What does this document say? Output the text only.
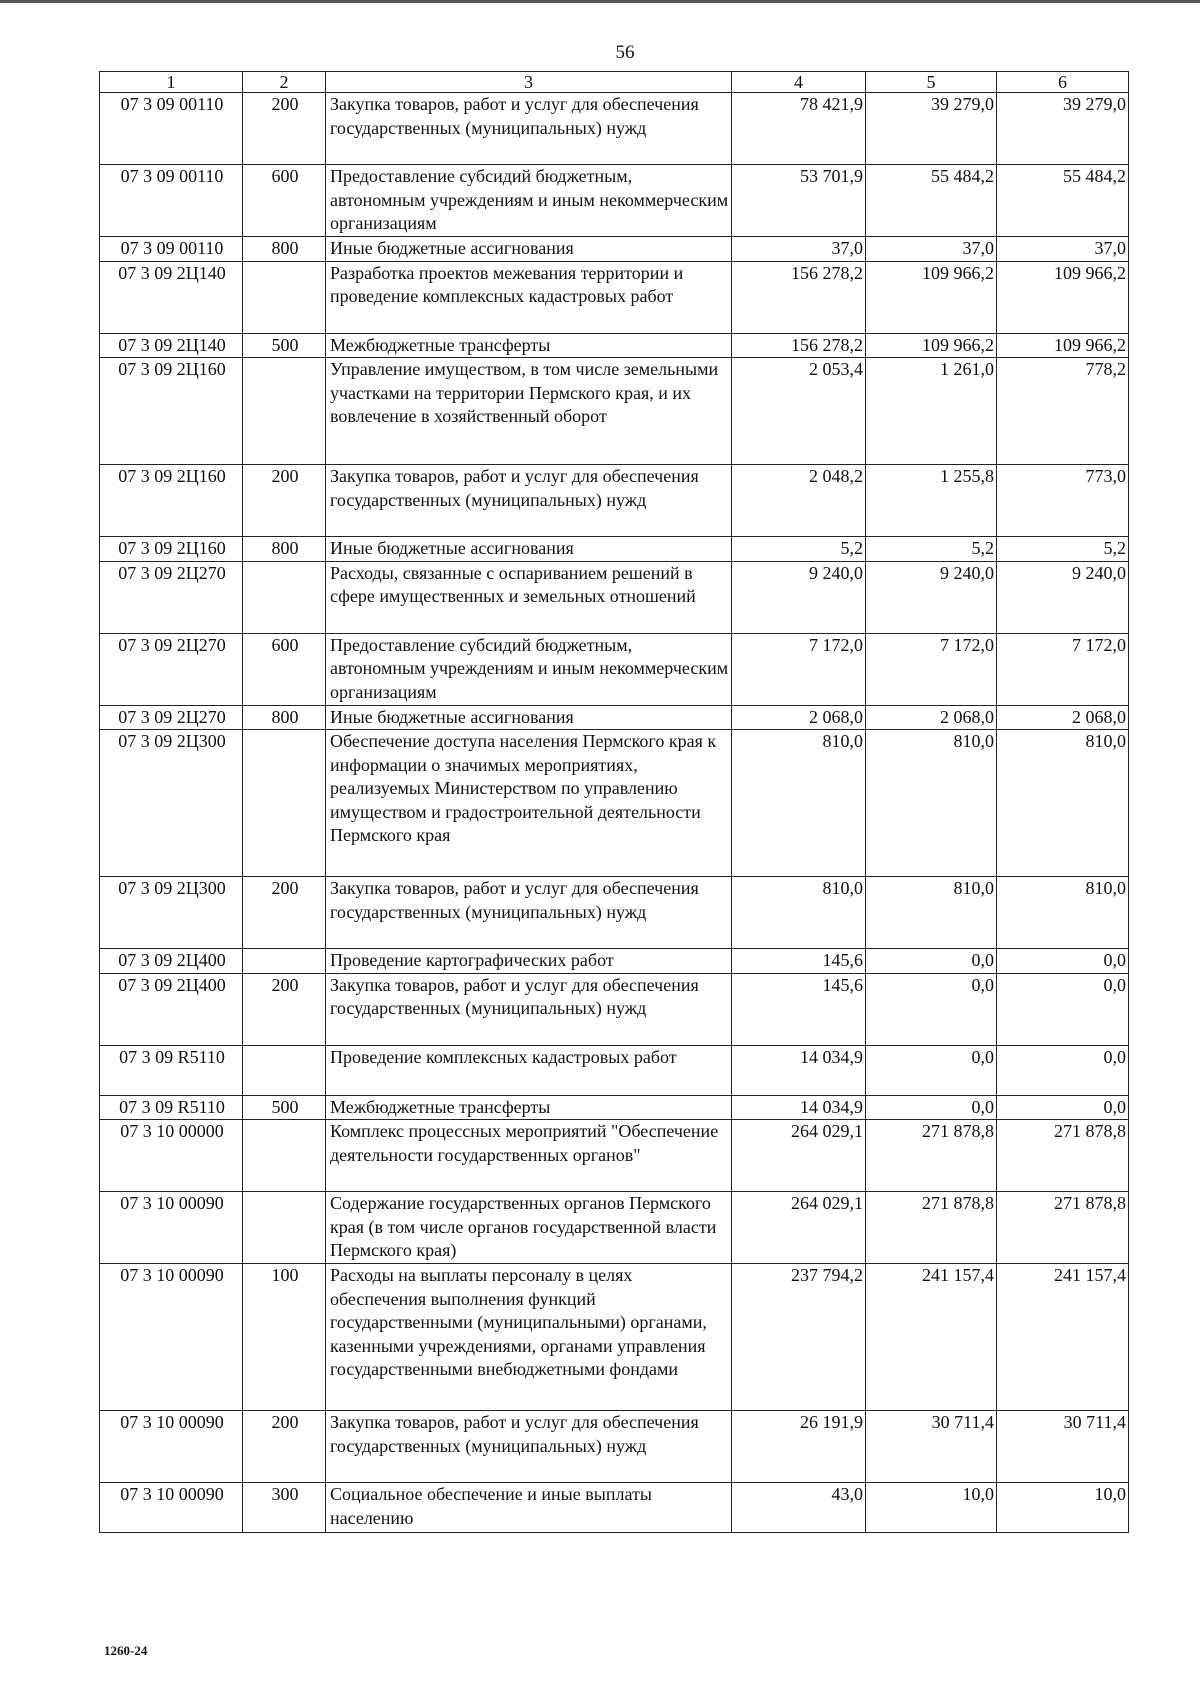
56
1	2	3	4	5	6
07 3 09 00110	200	Закупка товаров, работ и услуг для обеспечения государственных (муниципальных) нужд	78 421,9	39 279,0	39 279,0
07 3 09 00110	600	Предоставление субсидий бюджетным, автономным учреждениям и иным некоммерческим организациям	53 701,9	55 484,2	55 484,2
07 3 09 00110	800	Иные бюджетные ассигнования	37,0	37,0	37,0
07 3 09 2Ц140		Разработка проектов межевания территории и проведение комплексных кадастровых работ	156 278,2	109 966,2	109 966,2
07 3 09 2Ц140	500	Межбюджетные трансферты	156 278,2	109 966,2	109 966,2
07 3 09 2Ц160		Управление имуществом, в том числе земельными участками на территории Пермского края, и их вовлечение в хозяйственный оборот	2 053,4	1 261,0	778,2
07 3 09 2Ц160	200	Закупка товаров, работ и услуг для обеспечения государственных (муниципальных) нужд	2 048,2	1 255,8	773,0
07 3 09 2Ц160	800	Иные бюджетные ассигнования	5,2	5,2	5,2
07 3 09 2Ц270		Расходы, связанные с оспариванием решений в сфере имущественных и земельных отношений	9 240,0	9 240,0	9 240,0
07 3 09 2Ц270	600	Предоставление субсидий бюджетным, автономным учреждениям и иным некоммерческим организациям	7 172,0	7 172,0	7 172,0
07 3 09 2Ц270	800	Иные бюджетные ассигнования	2 068,0	2 068,0	2 068,0
07 3 09 2Ц300		Обеспечение доступа населения Пермского края к информации о значимых мероприятиях, реализуемых Министерством по управлению имуществом и градостроительной деятельности Пермского края	810,0	810,0	810,0
07 3 09 2Ц300	200	Закупка товаров, работ и услуг для обеспечения государственных (муниципальных) нужд	810,0	810,0	810,0
07 3 09 2Ц400		Проведение картографических работ	145,6	0,0	0,0
07 3 09 2Ц400	200	Закупка товаров, работ и услуг для обеспечения государственных (муниципальных) нужд	145,6	0,0	0,0
07 3 09 R5110		Проведение комплексных кадастровых работ	14 034,9	0,0	0,0
07 3 09 R5110	500	Межбюджетные трансферты	14 034,9	0,0	0,0
07 3 10 00000		Комплекс процессных мероприятий "Обеспечение деятельности государственных органов"	264 029,1	271 878,8	271 878,8
07 3 10 00090		Содержание государственных органов Пермского края (в том числе органов государственной власти Пермского края)	264 029,1	271 878,8	271 878,8
07 3 10 00090	100	Расходы на выплаты персоналу в целях обеспечения выполнения функций государственными (муниципальными) органами, казенными учреждениями, органами управления государственными внебюджетными фондами	237 794,2	241 157,4	241 157,4
07 3 10 00090	200	Закупка товаров, работ и услуг для обеспечения государственных (муниципальных) нужд	26 191,9	30 711,4	30 711,4
07 3 10 00090	300	Социальное обеспечение и иные выплаты населению	43,0	10,0	10,0
1260-24
